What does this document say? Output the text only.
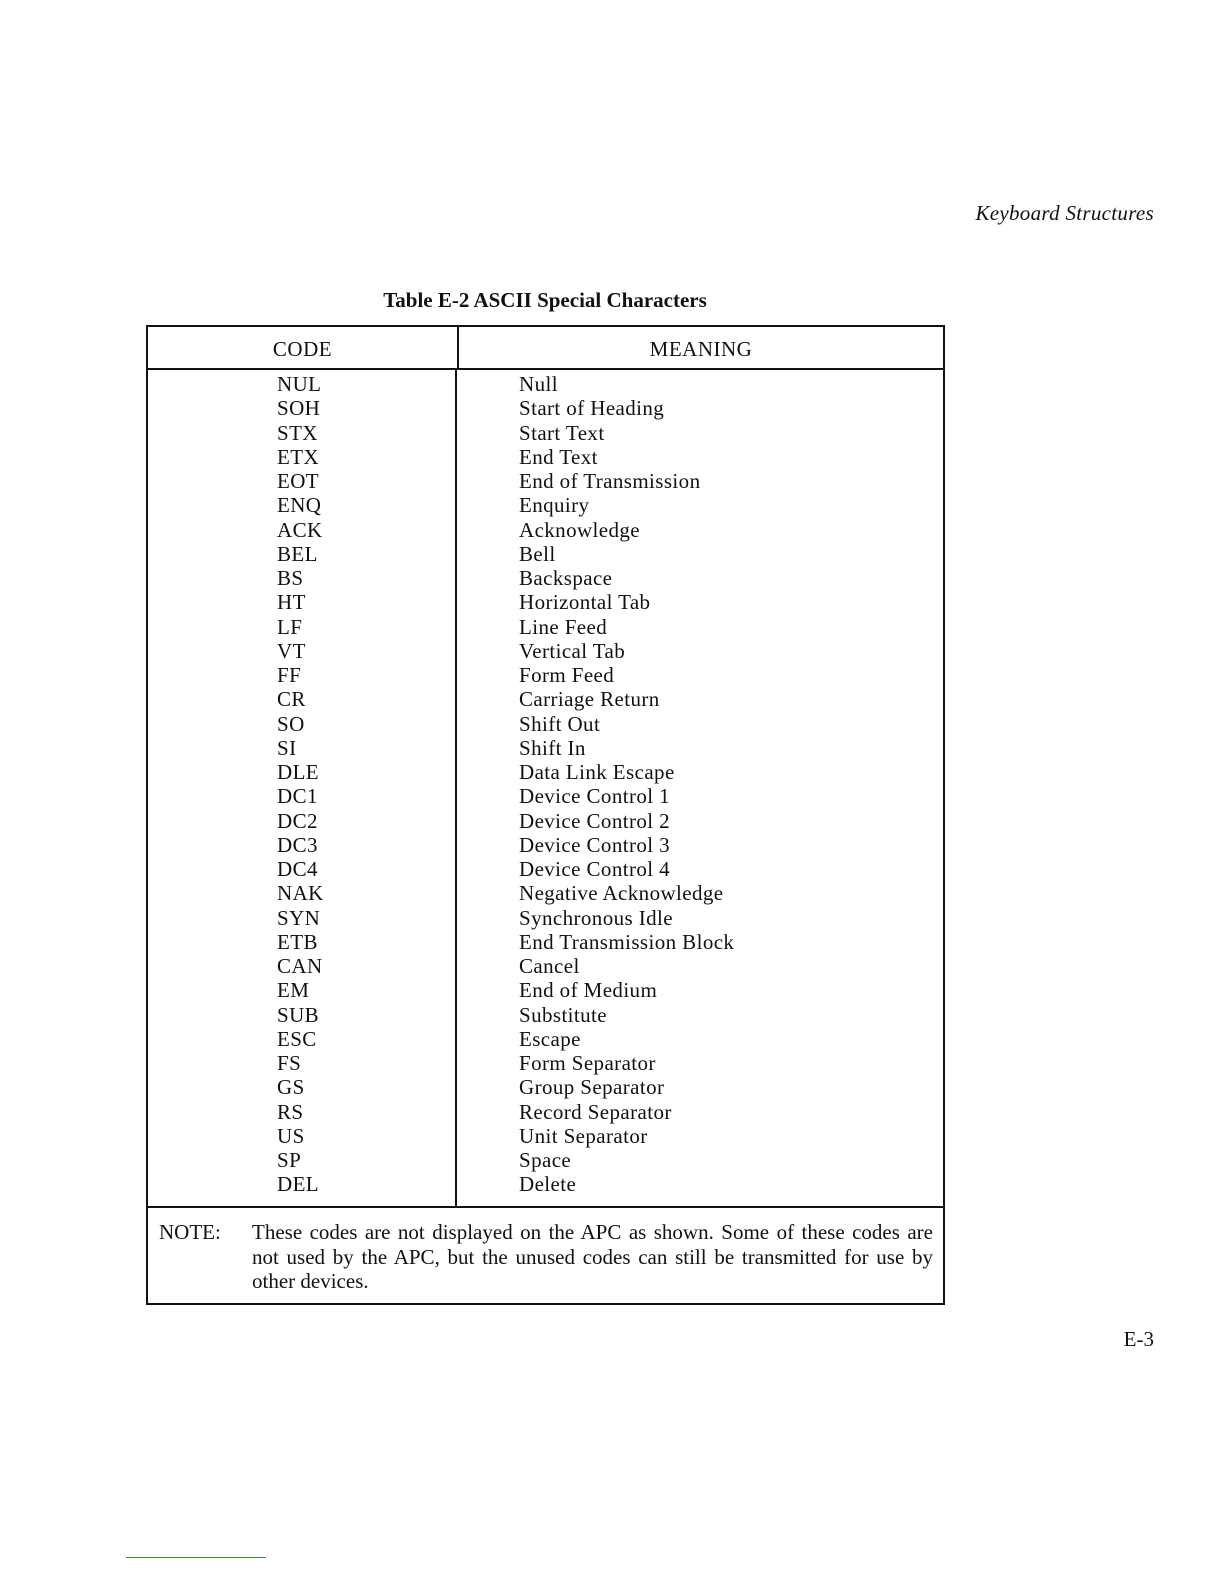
Keyboard Structures
Table E-2 ASCII Special Characters
CODE	MEANING
NUL
SOH
STX
ETX
EOT
ENQ
ACK
BEL
BS
HT
LF
VT
FF
CR
SO
SI
DLE
DC1
DC2
DC3
DC4
NAK
SYN
ETB
CAN
EM
SUB
ESC
FS
GS
RS
US
SP
DEL
Null
Start of Heading
Start Text
End Text
End of Transmission
Enquiry
Acknowledge
Bell
Backspace
Horizontal Tab
Line Feed
Vertical Tab
Form Feed
Carriage Return
Shift Out
Shift In
Data Link Escape
Device Control 1
Device Control 2
Device Control 3
Device Control 4
Negative Acknowledge
Synchronous Idle
End Transmission Block
Cancel
End of Medium
Substitute
Escape
Form Separator
Group Separator
Record Separator
Unit Separator
Space
Delete
NOTE:	These codes are not displayed on the APC as shown. Some of these codes are not used by the APC, but the unused codes can still be transmitted for use by other devices.
E-3
